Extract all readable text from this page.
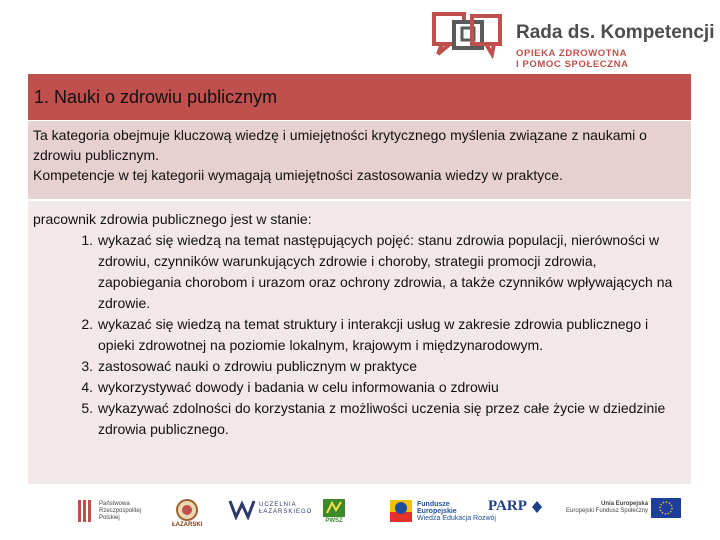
Rada ds. Kompetencji
OPIEKA ZDROWOTNA
I POMOC SPOŁECZNA
1. Nauki o zdrowiu publicznym

Ta kategoria obejmuje kluczową wiedzę i umiejętności krytycznego myślenia związane z naukami o zdrowiu publicznym.

Kompetencje w tej kategorii wymagają umiejętności zastosowania wiedzy w praktyce.

pracownik zdrowia publicznego jest w stanie:

1. wykazać się wiedzą na temat następujących pojęć: stanu zdrowia populacji, nierówności w zdrowiu, czynników warunkujących zdrowie i choroby, strategii promocji zdrowia, zapobiegania chorobom i urazom oraz ochrony zdrowia, a także czynników wpływających na zdrowie.
2. wykazać się wiedzą na temat struktury i interakcji usług w zakresie zdrowia publicznego i opieki zdrowotnej na poziomie lokalnym, krajowym i międzynarodowym.
3. zastosować nauki o zdrowiu publicznym w praktyce
4. wykorzystywać dowody i badania w celu informowania o zdrowiu
5. wykazywać zdolności do korzystania z możliwości uczenia się przez całe życie w dziedzinie zdrowia publicznego.
Państwowa
Rzeczpospolitej
Polskiej
ŁAZARSKI
UCZELNIA
ŁAZARSKIEGO
PWSZ
Fundusze
Europejskie
Wiedza Edukacja Rozwój
PARP	Unia Europejska
Europejski Fundusz Społeczny
